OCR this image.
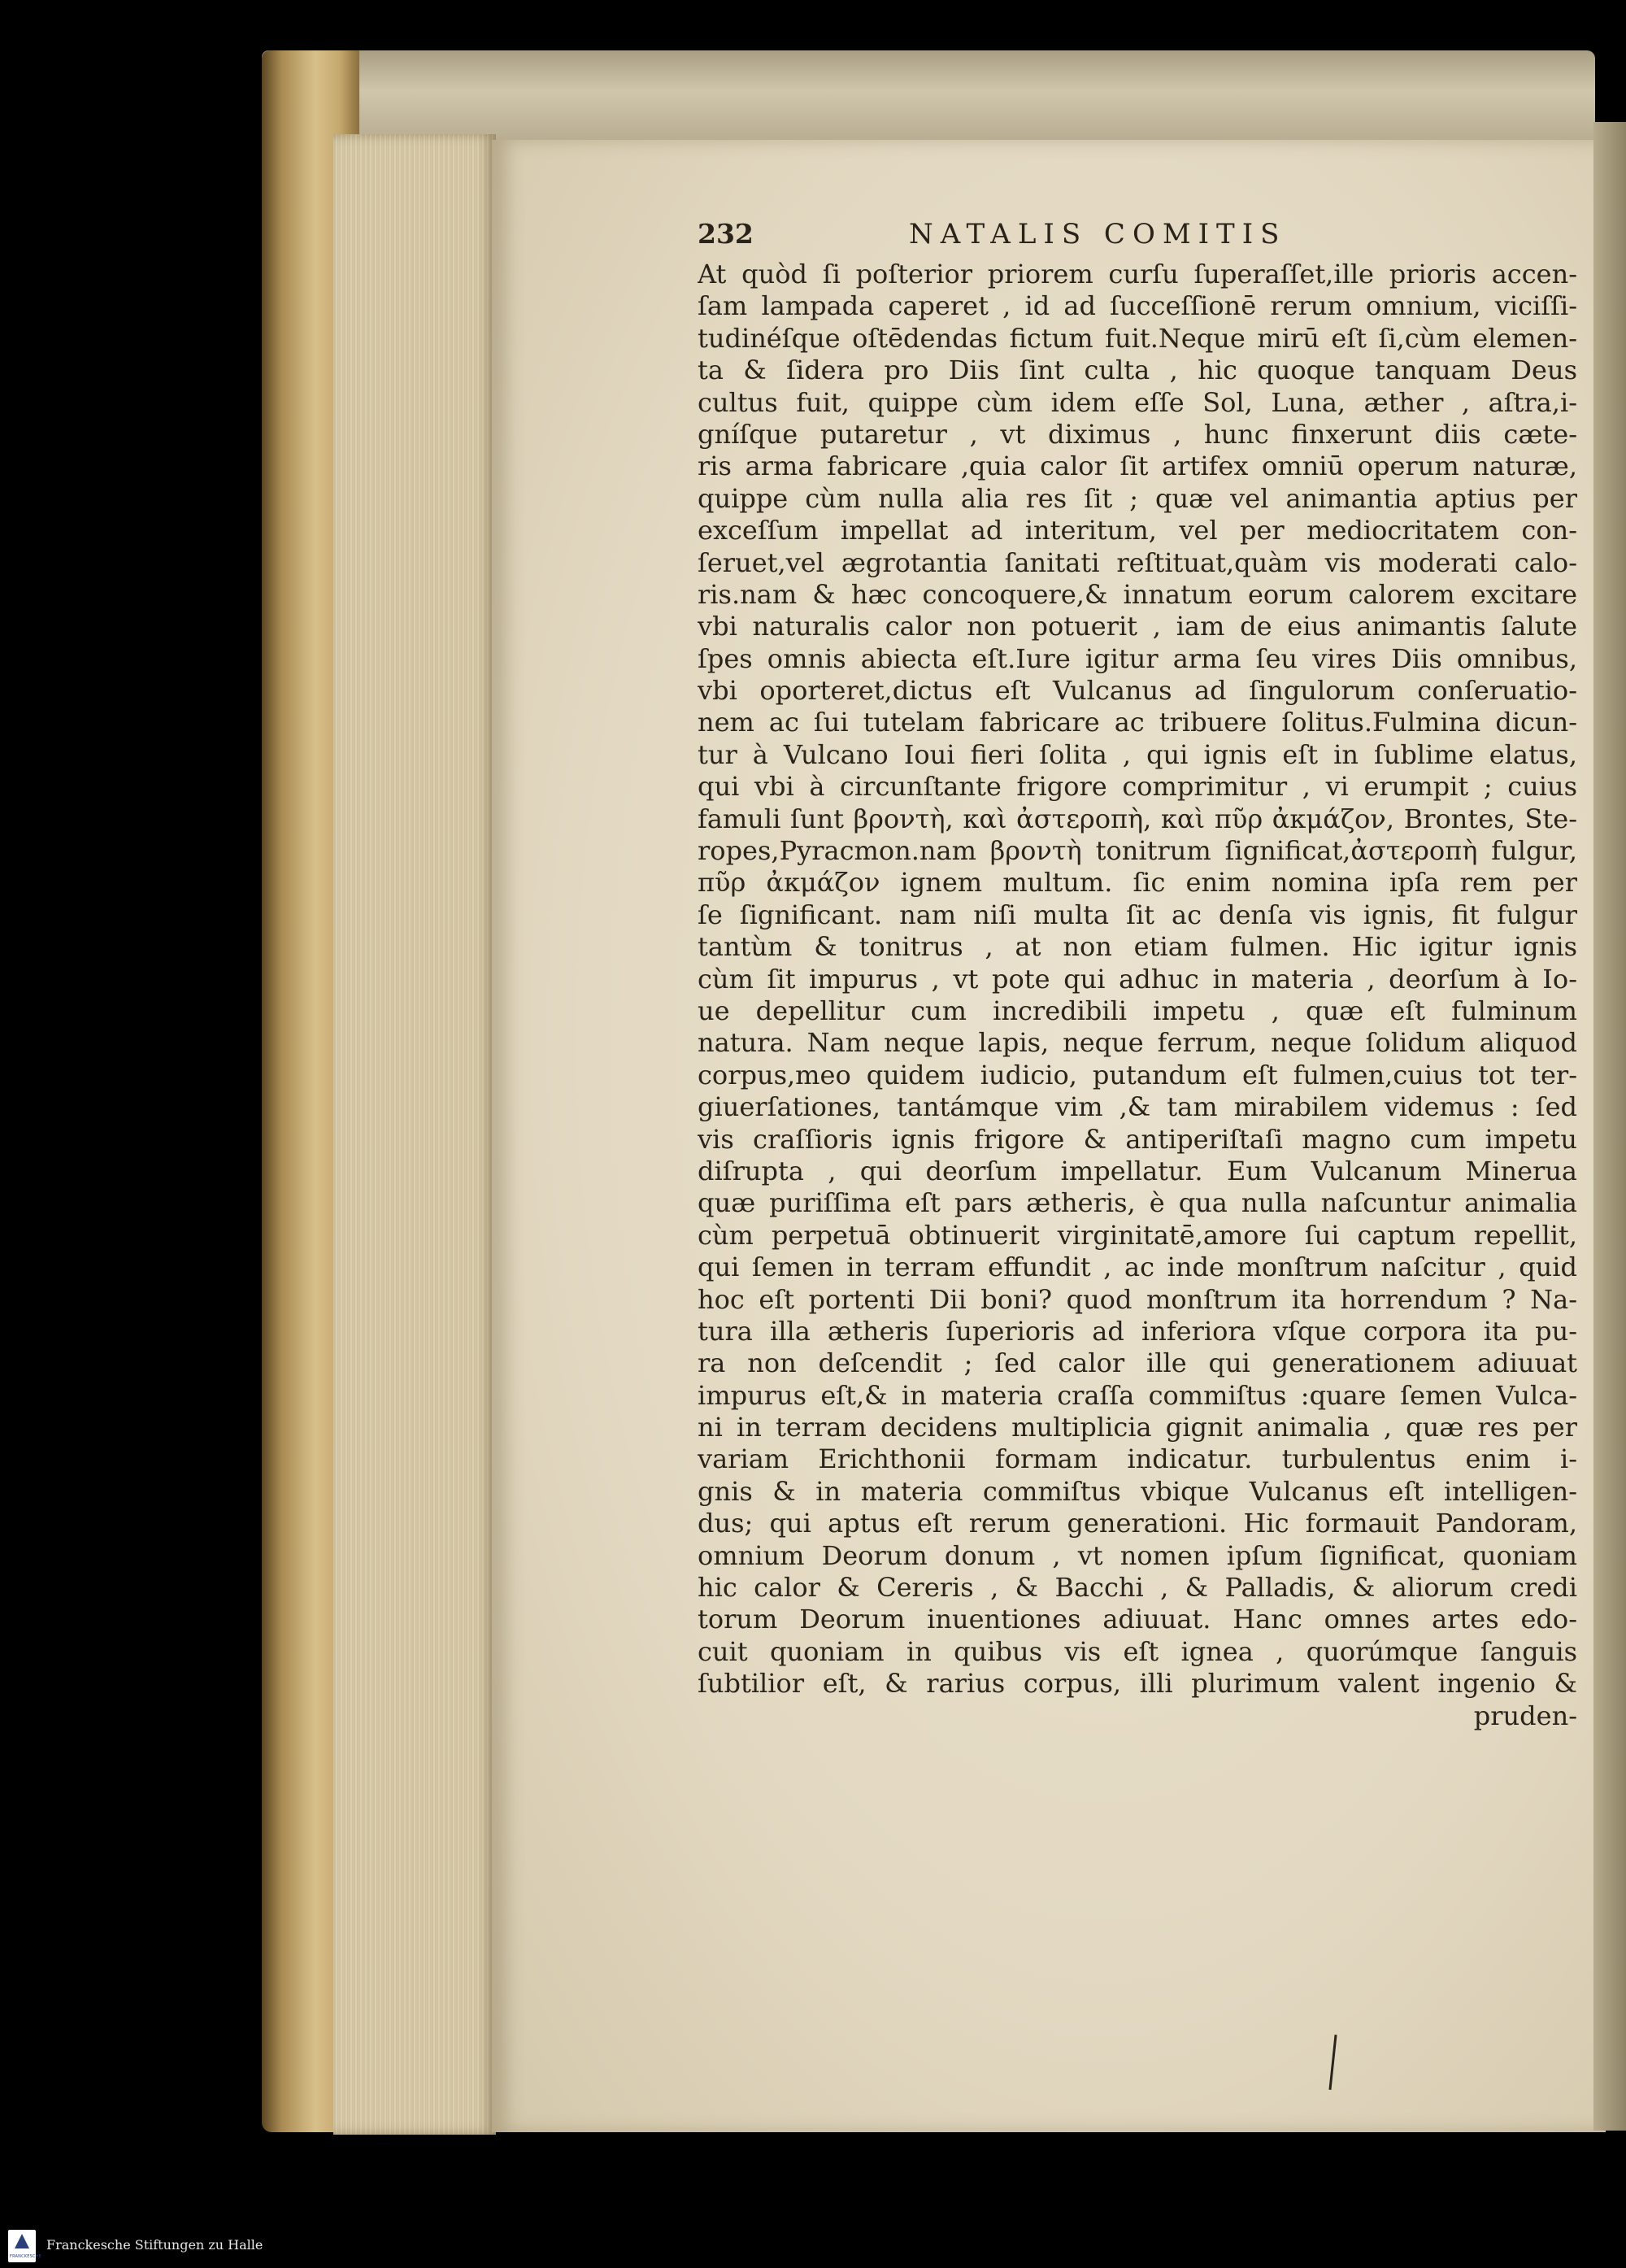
232	NATALIS COMITIS
At quòd ſi poſterior priorem curſu ſuperaſſet,ille prioris accen-
ſam lampada caperet , id ad ſucceſſionē rerum omnium, viciſſi-
tudinéſque oſtēdendas fictum fuit.Neque mirū eſt ſi,cùm elemen-
ta & ſidera pro Diis ſint culta , hic quoque tanquam Deus
cultus fuit, quippe cùm idem eſſe Sol, Luna, æther , aſtra,i-
gníſque putaretur , vt diximus , hunc finxerunt diis cæte-
ris arma fabricare ,quia calor ſit artifex omniū operum naturæ,
quippe cùm nulla alia res ſit ; quæ vel animantia aptius per
exceſſum impellat ad interitum, vel per mediocritatem con-
ſeruet,vel ægrotantia ſanitati reſtituat,quàm vis moderati calo-
ris.nam & hæc concoquere,& innatum eorum calorem excitare
vbi naturalis calor non potuerit , iam de eius animantis ſalute
ſpes omnis abiecta eſt.Iure igitur arma ſeu vires Diis omnibus,
vbi oporteret,dictus eſt Vulcanus ad ſingulorum conſeruatio-
nem ac ſui tutelam fabricare ac tribuere ſolitus.Fulmina dicun-
tur à Vulcano Ioui fieri ſolita , qui ignis eſt in ſublime elatus,
qui vbi à circunſtante frigore comprimitur , vi erumpit ; cuius
famuli ſunt βροντὴ, καὶ ἀστεροπὴ, καὶ πῦρ ἀκμάζον, Brontes, Ste-
ropes,Pyracmon.nam βροντὴ tonitrum ſignificat,ἀστεροπὴ fulgur,
πῦρ ἀκμάζον ignem multum. ſic enim nomina ipſa rem per
ſe ſignificant. nam niſi multa ſit ac denſa vis ignis, fit fulgur
tantùm & tonitrus , at non etiam fulmen. Hic igitur ignis
cùm ſit impurus , vt pote qui adhuc in materia , deorſum à Io-
ue depellitur cum incredibili impetu , quæ eſt fulminum
natura. Nam neque lapis, neque ferrum, neque ſolidum aliquod
corpus,meo quidem iudicio, putandum eſt fulmen,cuius tot ter-
giuerſationes, tantámque vim ,& tam mirabilem videmus : ſed
vis craſſioris ignis frigore & antiperiſtaſi magno cum impetu
diſrupta , qui deorſum impellatur. Eum Vulcanum Minerua
quæ puriſſima eſt pars ætheris, è qua nulla naſcuntur animalia
cùm perpetuā obtinuerit virginitatē,amore ſui captum repellit,
qui ſemen in terram effundit , ac inde monſtrum naſcitur , quid
hoc eſt portenti Dii boni? quod monſtrum ita horrendum ? Na-
tura illa ætheris ſuperioris ad inferiora vſque corpora ita pu-
ra non deſcendit ; ſed calor ille qui generationem adiuuat
impurus eſt,& in materia craſſa commiſtus :quare ſemen Vulca-
ni in terram decidens multiplicia gignit animalia , quæ res per
variam Erichthonii formam indicatur. turbulentus enim i-
gnis & in materia commiſtus vbique Vulcanus eſt intelligen-
dus; qui aptus eſt rerum generationi. Hic formauit Pandoram,
omnium Deorum donum , vt nomen ipſum ſignificat, quoniam
hic calor & Cereris , & Bacchi , & Palladis, & aliorum credi
torum Deorum inuentiones adiuuat. Hanc omnes artes edo-
cuit quoniam in quibus vis eſt ignea , quorúmque ſanguis
ſubtilior eſt, & rarius corpus, illi plurimum valent ingenio &
pruden-
FRANCKESCHE
Franckesche Stiftungen zu Halle
